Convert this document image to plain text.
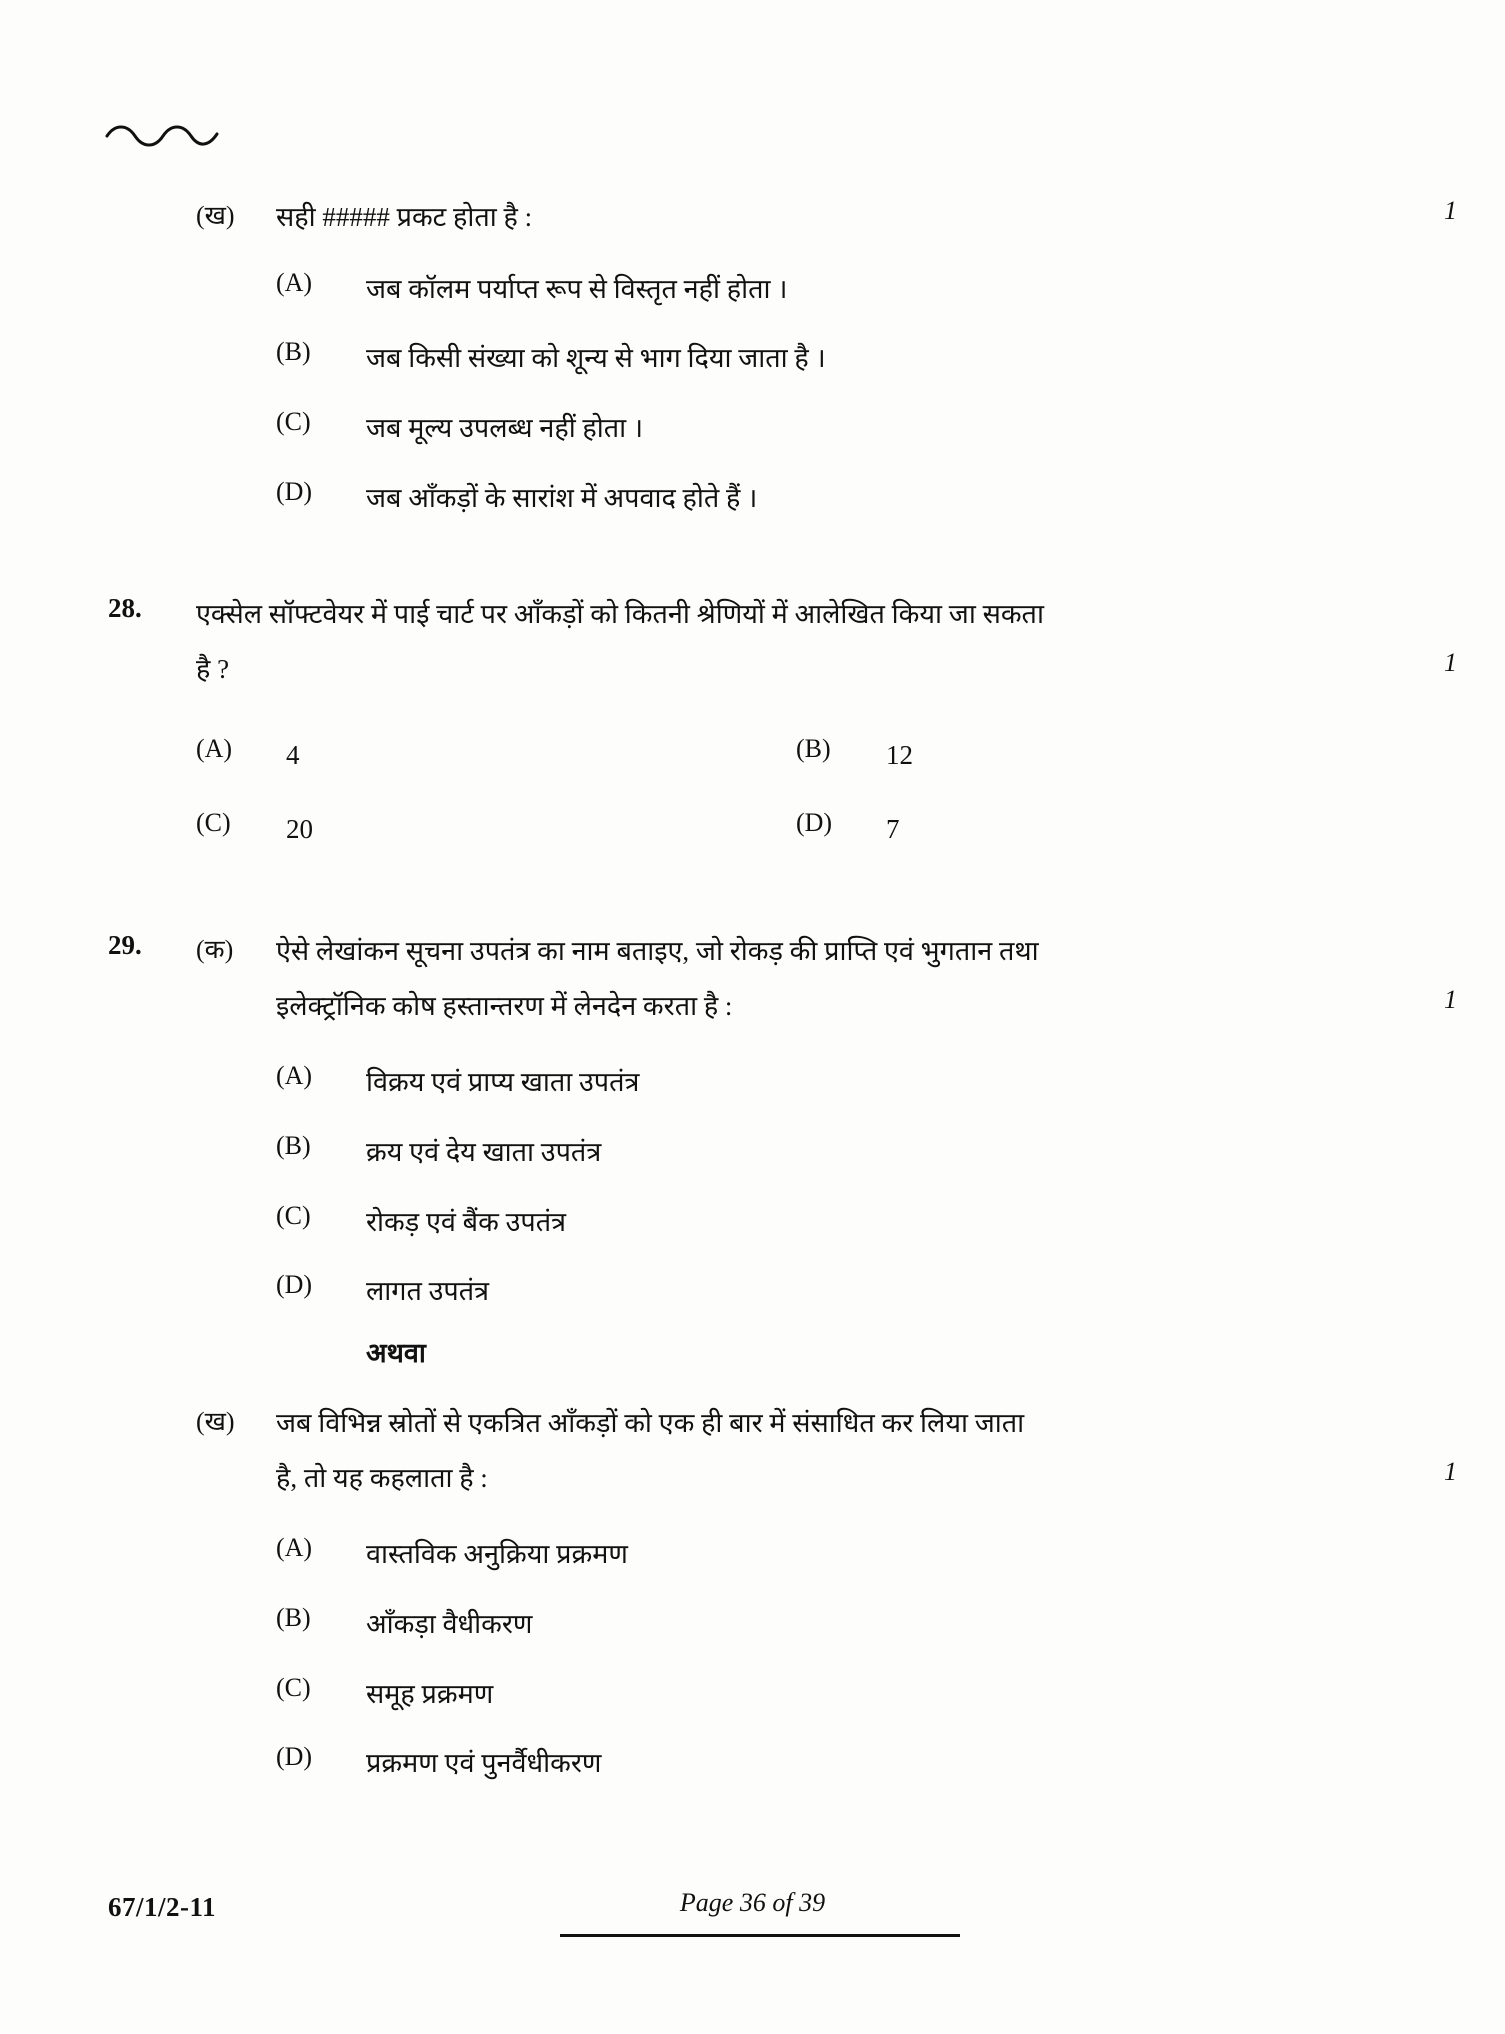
(ख)	सही ##### प्रकट होता है :	1
(A)	जब कॉलम पर्याप्त रूप से विस्तृत नहीं होता ।
(B)	जब किसी संख्या को शून्य से भाग दिया जाता है ।
(C)	जब मूल्य उपलब्ध नहीं होता ।
(D)	जब आँकड़ों के सारांश में अपवाद होते हैं ।
28.	एक्सेल सॉफ्टवेयर में पाई चार्ट पर आँकड़ों को कितनी श्रेणियों में आलेखित किया जा सकता
है ?	1
(A)	4	(B)	12
(C)	20	(D)	7
29.	(क)	ऐसे लेखांकन सूचना उपतंत्र का नाम बताइए, जो रोकड़ की प्राप्ति एवं भुगतान तथा
इलेक्ट्रॉनिक कोष हस्तान्तरण में लेनदेन करता है :	1
(A)	विक्रय एवं प्राप्य खाता उपतंत्र
(B)	क्रय एवं देय खाता उपतंत्र
(C)	रोकड़ एवं बैंक उपतंत्र
(D)	लागत उपतंत्र
अथवा
(ख)	जब विभिन्न स्रोतों से एकत्रित आँकड़ों को एक ही बार में संसाधित कर लिया जाता
है, तो यह कहलाता है :	1
(A)	वास्तविक अनुक्रिया प्रक्रमण
(B)	आँकड़ा वैधीकरण
(C)	समूह प्रक्रमण
(D)	प्रक्रमण एवं पुनर्वैधीकरण
67/1/2-11	Page 36 of 39
